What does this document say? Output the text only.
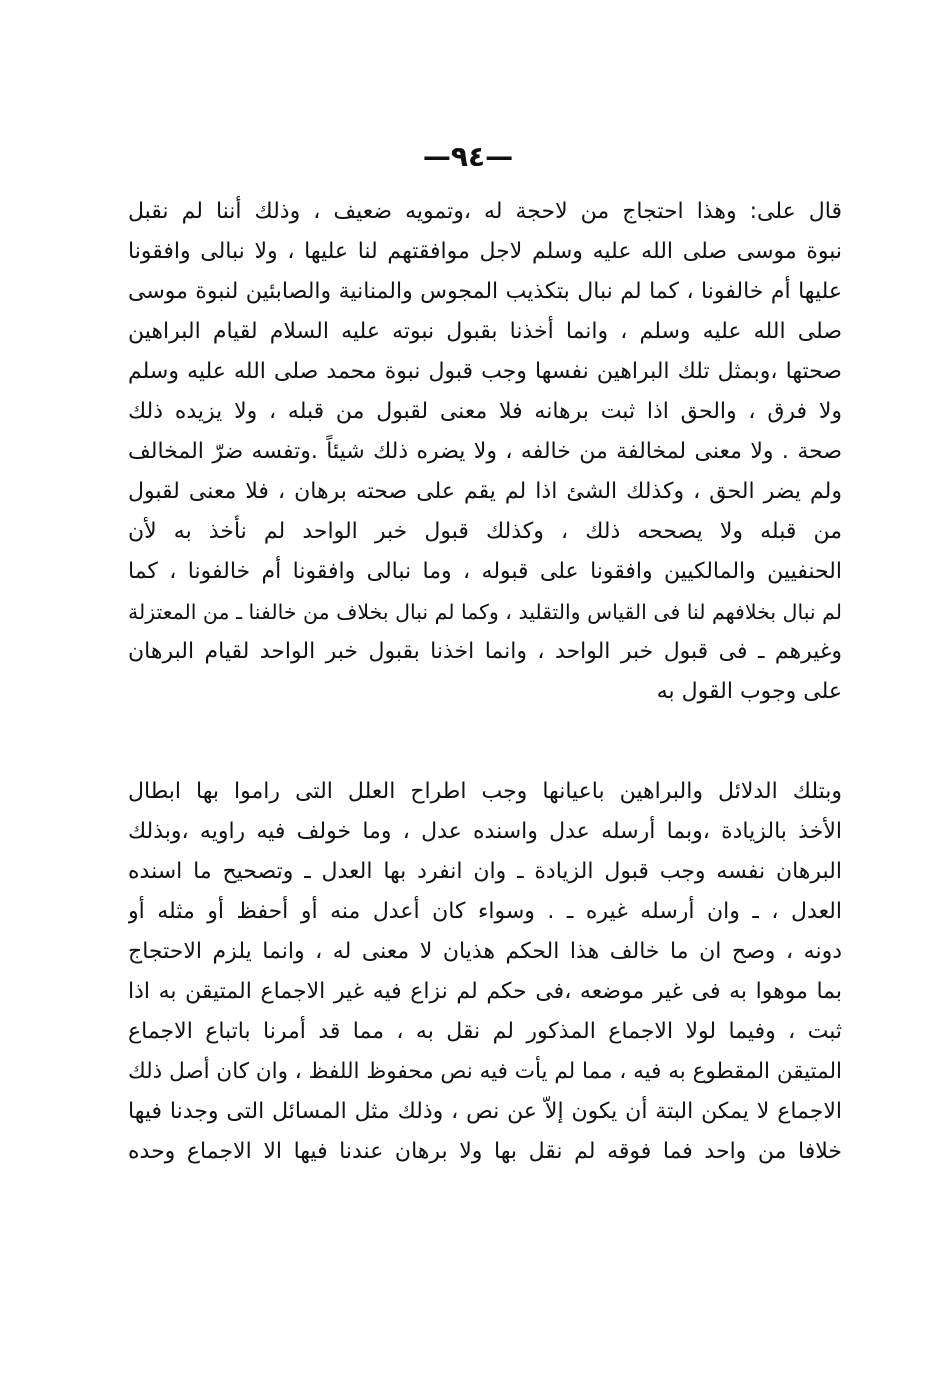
—٩٤—
قال على: وهذا احتجاج من لاحجة له ،وتمويه ضعيف ، وذلك أننا لم نقبل
نبوة موسى صلى الله عليه وسلم لاجل موافقتهم لنا عليها ، ولا نبالى وافقونا
عليها أم خالفونا ، كما لم نبال بتكذيب المجوس والمنانية والصابئين لنبوة موسى
صلى الله عليه وسلم ، وانما أخذنا بقبول نبوته عليه السلام لقيام البراهين
صحتها ،وبمثل تلك البراهين نفسها وجب قبول نبوة محمد صلى الله عليه وسلم
ولا فرق ، والحق اذا ثبت برهانه فلا معنى لقبول من قبله ، ولا يزيده ذلك
صحة . ولا معنى لمخالفة من خالفه ، ولا يضره ذلك شيئاً .وتفسه ضرّ المخالف
ولم يضر الحق ، وكذلك الشئ اذا لم يقم على صحته برهان ، فلا معنى لقبول
من قبله ولا يصححه ذلك ، وكذلك قبول خبر الواحد لم نأخذ به لأن
الحنفيين والمالكيين وافقونا على قبوله ، وما نبالى وافقونا أم خالفونا ، كما
لم نبال بخلافهم لنا فى القياس والتقليد ، وكما لم نبال بخلاف من خالفنا ـ من المعتزلة
وغيرهم ـ فى قبول خبر الواحد ، وانما اخذنا بقبول خبر الواحد لقيام البرهان
على وجوب القول به
وبتلك الدلائل والبراهين باعيانها وجب اطراح العلل التى راموا بها ابطال
الأخذ بالزيادة ،وبما أرسله عدل واسنده عدل ، وما خولف فيه راويه ،وبذلك
البرهان نفسه وجب قبول الزيادة ـ وان انفرد بها العدل ـ وتصحيح ما اسنده
العدل ، ـ وان أرسله غيره ـ . وسواء كان أعدل منه أو أحفظ أو مثله أو
دونه ، وصح ان ما خالف هذا الحكم هذيان لا معنى له ، وانما يلزم الاحتجاج
بما موهوا به فى غير موضعه ،فى حكم لم نزاع فيه غير الاجماع المتيقن به اذا
ثبت ، وفيما لولا الاجماع المذكور لم نقل به ، مما قد أمرنا باتباع الاجماع
المتيقن المقطوع به فيه ، مما لم يأت فيه نص محفوظ اللفظ ، وان كان أصل ذلك
الاجماع لا يمكن البتة أن يكون إلاّ عن نص ، وذلك مثل المسائل التى وجدنا فيها
خلافا من واحد فما فوقه لم نقل بها ولا برهان عندنا فيها الا الاجماع وحده
